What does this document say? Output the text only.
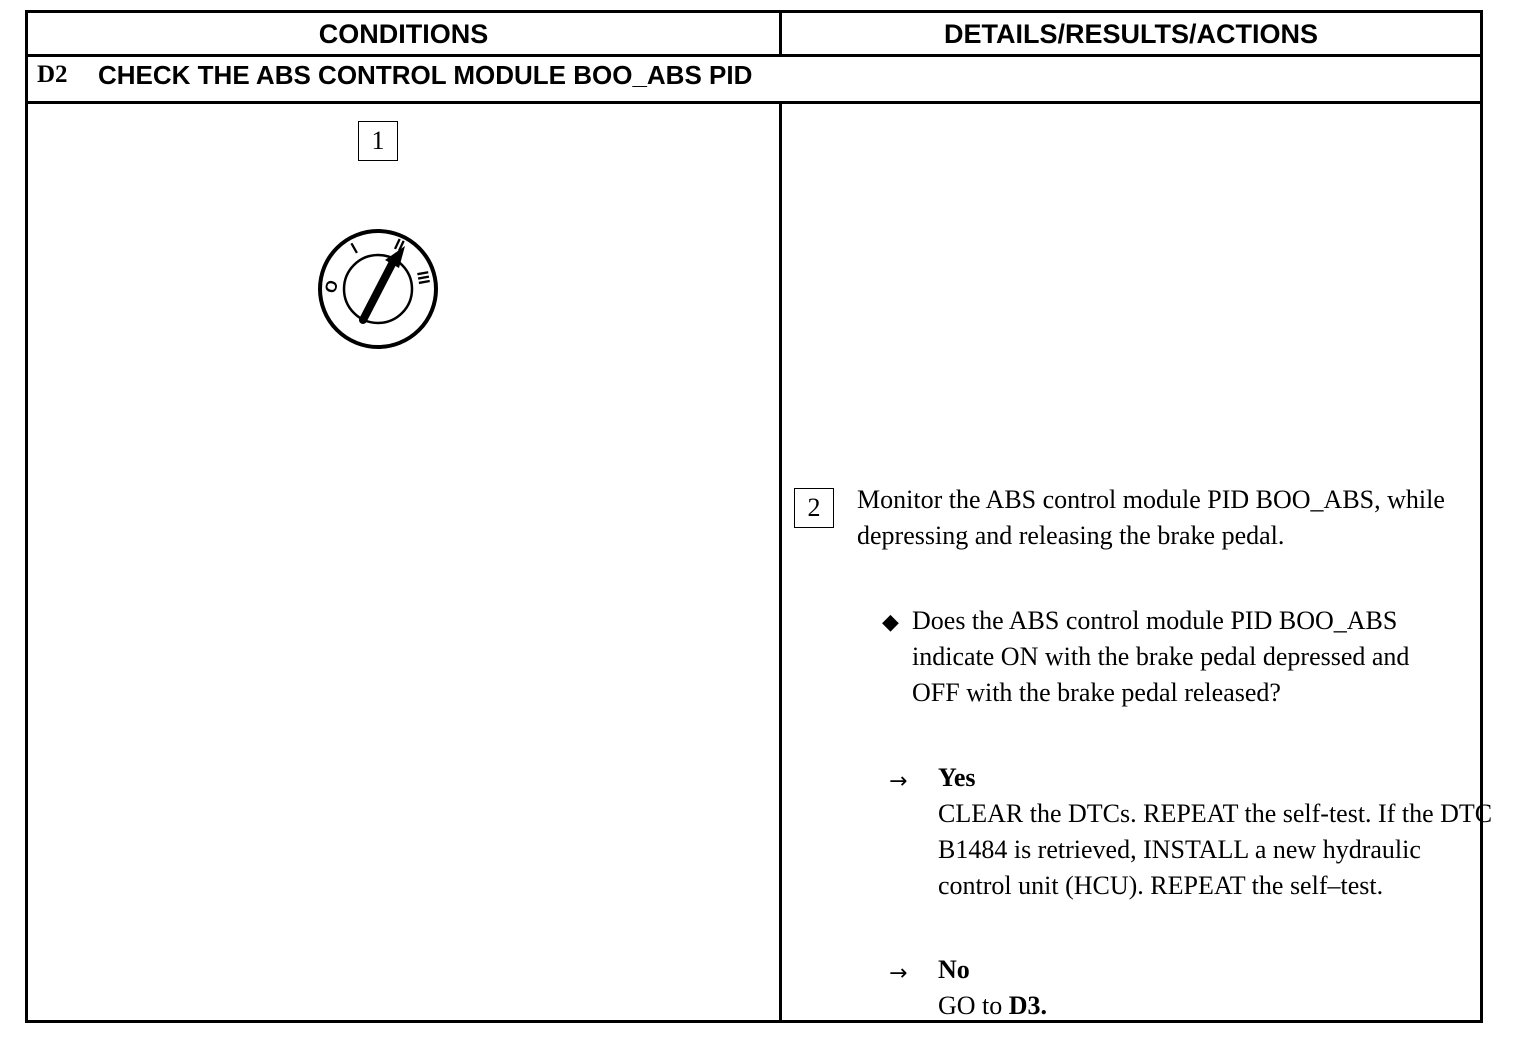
CONDITIONS	DETAILS/RESULTS/ACTIONS
D2 CHECK THE ABS CONTROL MODULE BOO_ABS PID
1
O
I II
III
2	Monitor the ABS control module PID BOO_ABS, while depressing and releasing the brake pedal.
◆ Does the ABS control module PID BOO_ABS indicate ON with the brake pedal depressed and OFF with the brake pedal released?
→ Yes
CLEAR the DTCs. REPEAT the self-test. If the DTC B1484 is retrieved, INSTALL a new hydraulic control unit (HCU). REPEAT the self–test.
→ No
GO to D3.
